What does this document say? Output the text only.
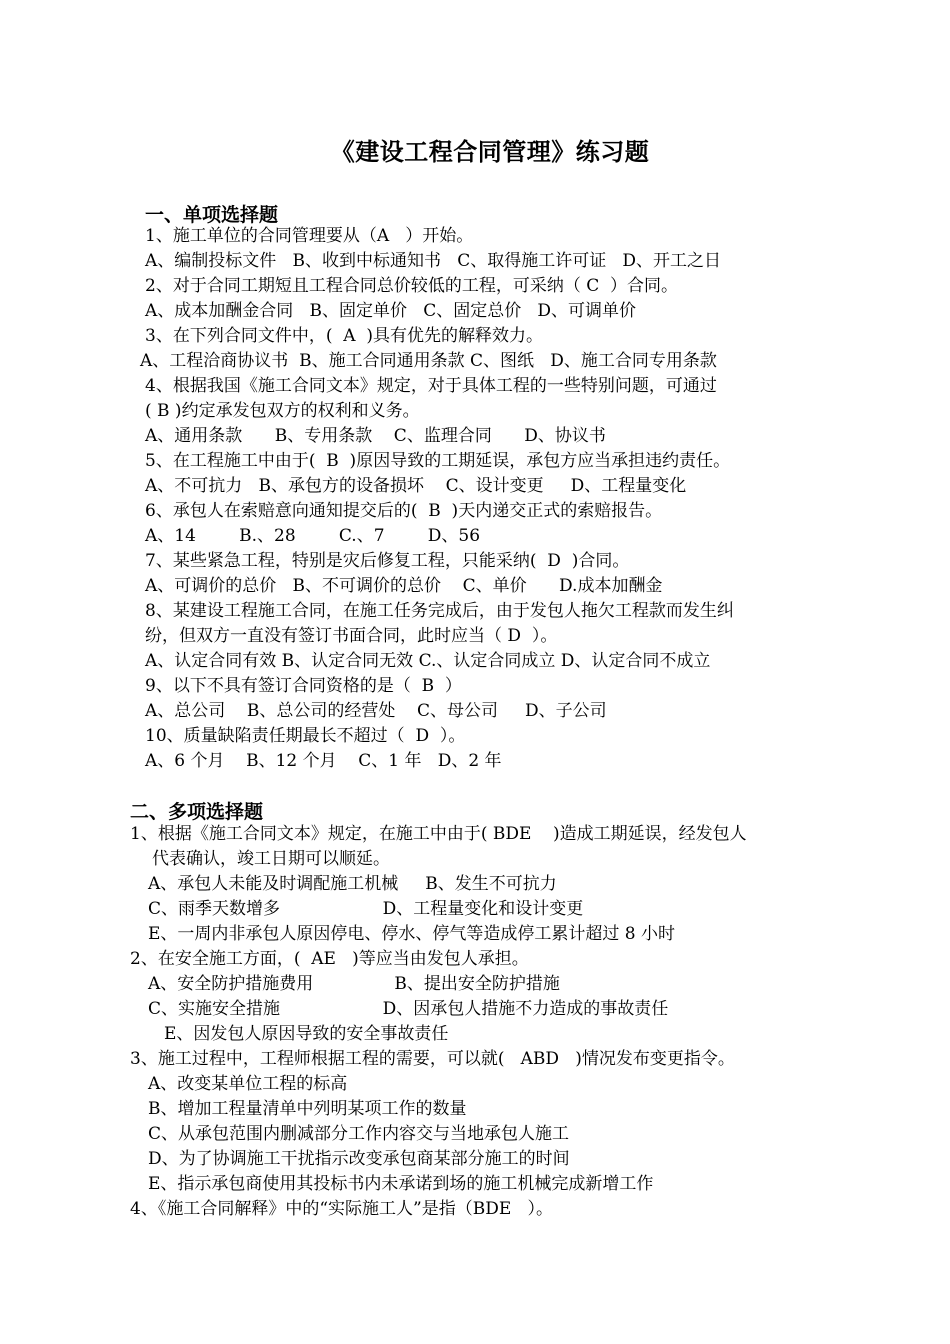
《建设工程合同管理》练习题
一、单项选择题
1、施工单位的合同管理要从（A   ）开始。
A、编制投标文件   B、收到中标通知书   C、取得施工许可证   D、开工之日
2、对于合同工期短且工程合同总价较低的工程，可采纳（ C  ）合同。
A、成本加酬金合同   B、固定单价   C、固定总价   D、可调单价
3、在下列合同文件中，(  A  )具有优先的解释效力。
A、工程洽商协议书  B、施工合同通用条款 C、图纸   D、施工合同专用条款
4、根据我国《施工合同文本》规定，对于具体工程的一些特别问题，可通过
( B )约定承发包双方的权利和义务。
A、通用条款      B、专用条款    C、监理合同      D、协议书
5、在工程施工中由于(  B  )原因导致的工期延误，承包方应当承担违约责任。
A、不可抗力   B、承包方的设备损坏    C、设计变更     D、工程量变化
6、承包人在索赔意向通知提交后的(  B  )天内递交正式的索赔报告。
A、14        B.、28        C.、7        D、56
7、某些紧急工程，特别是灾后修复工程，只能采纳(  D  )合同。
A、可调价的总价   B、不可调价的总价    C、单价      D.成本加酬金
8、某建设工程施工合同，在施工任务完成后，由于发包人拖欠工程款而发生纠
纷，但双方一直没有签订书面合同，此时应当（ D  ）。
A、认定合同有效 B、认定合同无效 C.、认定合同成立 D、认定合同不成立
9、以下不具有签订合同资格的是（  B  ）
A、总公司    B、总公司的经营处    C、母公司     D、子公司
10、质量缺陷责任期最长不超过（  D  ）。
A、6 个月    B、12 个月    C、1 年   D、2 年
二、多项选择题
1、根据《施工合同文本》规定，在施工中由于( BDE    )造成工期延误，经发包人
代表确认，竣工日期可以顺延。
A、承包人未能及时调配施工机械     B、发生不可抗力
C、雨季天数增多                   D、工程量变化和设计变更
E、一周内非承包人原因停电、停水、停气等造成停工累计超过 8 小时
2、在安全施工方面，(  AE   )等应当由发包人承担。
A、安全防护措施费用               B、提出安全防护措施
C、实施安全措施                   D、因承包人措施不力造成的事故责任
E、因发包人原因导致的安全事故责任
3、施工过程中，工程师根据工程的需要，可以就(   ABD   )情况发布变更指令。
A、改变某单位工程的标高
B、增加工程量清单中列明某项工作的数量
C、从承包范围内删减部分工作内容交与当地承包人施工
D、为了协调施工干扰指示改变承包商某部分施工的时间
E、指示承包商使用其投标书内未承诺到场的施工机械完成新增工作
4、《施工合同解释》中的“实际施工人”是指（BDE   ）。
